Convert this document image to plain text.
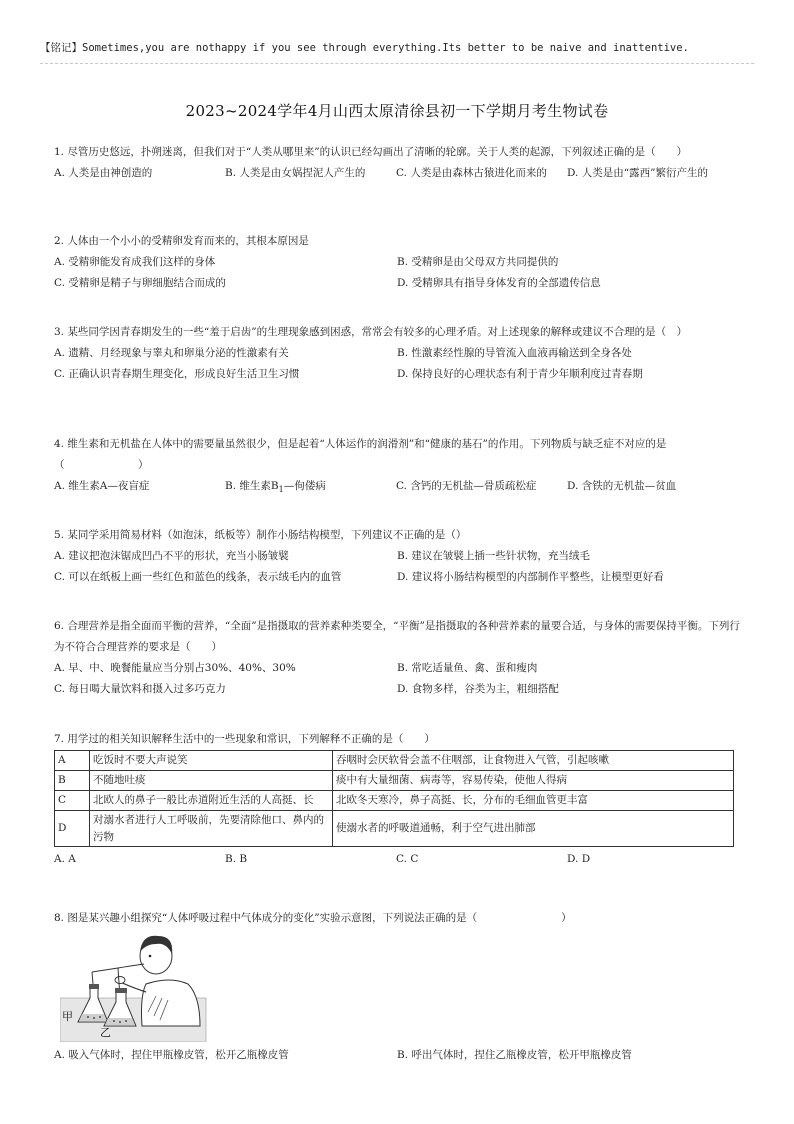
【铭记】Sometimes,you are nothappy if you see through everything.Its better to be naive and inattentive.
2023~2024学年4月山西太原清徐县初一下学期月考生物试卷
1. 尽管历史悠远，扑朔迷离，但我们对于“人类从哪里来”的认识已经勾画出了清晰的轮廓。关于人类的起源，下列叙述正确的是（　　）
A. 人类是由神创造的	B. 人类是由女娲捏泥人产生的	C. 人类是由森林古猿进化而来的	D. 人类是由“露西”繁衍产生的
2. 人体由一个小小的受精卵发育而来的，其根本原因是
A. 受精卵能发育成我们这样的身体	B. 受精卵是由父母双方共同提供的
C. 受精卵是精子与卵细胞结合而成的	D. 受精卵具有指导身体发育的全部遗传信息
3. 某些同学因青春期发生的一些“羞于启齿”的生理现象感到困惑，常常会有较多的心理矛盾。对上述现象的解释或建议不合理的是（　）
A. 遗精、月经现象与睾丸和卵巢分泌的性激素有关	B. 性激素经性腺的导管流入血液再输送到全身各处
C. 正确认识青春期生理变化，形成良好生活卫生习惯	D. 保持良好的心理状态有利于青少年顺利度过青春期
4. 维生素和无机盐在人体中的需要量虽然很少，但是起着“人体运作的润滑剂”和“健康的基石”的作用。下列物质与缺乏症不对应的是（　　　　　　　）
A. 维生素A—夜盲症	B. 维生素$B_1—$佝偻病	C. 含钙的无机盐—骨质疏松症	D. 含铁的无机盐—贫血
5. 某同学采用简易材料（如泡沫，纸板等）制作小肠结构模型，下列建议不正确的是（）
A. 建议把泡沫锯成凹凸不平的形状，充当小肠皱襞	B. 建议在皱襞上插一些针状物，充当绒毛
C. 可以在纸板上画一些红色和蓝色的线条，表示绒毛内的血管	D. 建议将小肠结构模型的内部制作平整些，让模型更好看
6. 合理营养是指全面而平衡的营养，“全面”是指摄取的营养素种类要全，“平衡”是指摄取的各种营养素的量要合适，与身体的需要保持平衡。下列行为不符合合理营养的要求是（　　）
A. 早、中、晚餐能量应当分别占30%、40%、30%	B. 常吃适量鱼、禽、蛋和瘦肉
C. 每日喝大量饮料和摄入过多巧克力	D. 食物多样，谷类为主，粗细搭配
7. 用学过的相关知识解释生活中的一些现象和常识，下列解释不正确的是（　　）
A	吃饭时不要大声说笑	吞咽时会厌软骨会盖不住咽部，让食物进入气管，引起咳嗽
B	不随地吐痰	痰中有大量细菌、病毒等，容易传染，使他人得病
C	北欧人的鼻子一般比赤道附近生活的人高挺、长	北欧冬天寒冷，鼻子高挺、长，分布的毛细血管更丰富
D	对溺水者进行人工呼吸前，先要清除他口、鼻内的污物	使溺水者的呼吸道通畅，利于空气进出肺部
A. A	B. B	C. C	D. D
8. 图是某兴趣小组探究“人体呼吸过程中气体成分的变化”实验示意图，下列说法正确的是（　　　　　　　　）
甲
乙
A. 吸入气体时，捏住甲瓶橡皮管，松开乙瓶橡皮管	B. 呼出气体时，捏住乙瓶橡皮管，松开甲瓶橡皮管
